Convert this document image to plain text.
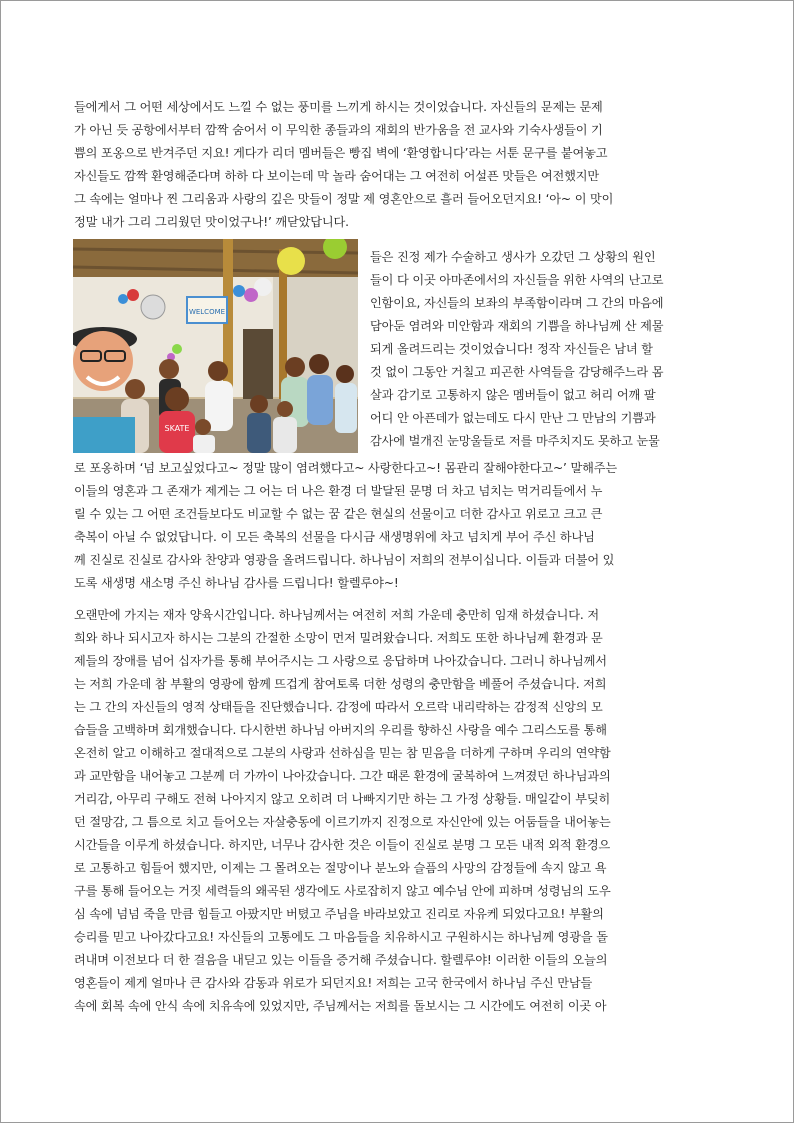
들에게서 그 어떤 세상에서도 느낄 수 없는 풍미를 느끼게 하시는 것이었습니다. 자신들의 문제는 문제
가 아닌 듯 공항에서부터 깜짝 숨어서 이 무익한 종들과의 재회의 반가움을 전 교사와 기숙사생들이 기
쁨의 포옹으로 반겨주던 지요! 게다가 리더 멤버들은 빵집 벽에 ‘환영합니다’라는 서툰 문구를 붙여놓고
자신들도 깜짝 환영해준다며 하하 다 보이는데 막 놀라 숨어대는 그 여전히 어설픈 맛들은 여전했지만
그 속에는 얼마나 찐 그리움과 사랑의 깊은 맛들이 정말 제 영혼안으로 흘러 들어오던지요! ‘아~ 이 맛이
정말 내가 그리 그리웠던 맛이었구나!’ 깨닫았답니다.
WELCOME
SKATE
들은 진정 제가 수술하고 생사가 오갔던 그 상황의 원인
들이 다 이곳 아마존에서의 자신들을 위한 사역의 난고로
인함이요, 자신들의 보좌의 부족함이라며 그 간의 마음에
담아둔 염려와 미안함과 재회의 기쁨을 하나님께 산 제물
되게 올려드리는 것이었습니다! 정작 자신들은 남녀 할
것 없이 그동안 거칠고 피곤한 사역들을 감당해주느라 몸
살과 감기로 고통하지 않은 멤버들이 없고 허리 어깨 팔
어디 안 아픈데가 없는데도 다시 만난 그 만남의 기쁨과
감사에 벌개진 눈망울들로 저를 마주치지도 못하고 눈물
로 포옹하며 ‘넘 보고싶었다고~ 정말 많이 염려했다고~ 사랑한다고~! 몸관리 잘해야한다고~’ 말해주는
이들의 영혼과 그 존재가 제게는 그 어는 더 나은 환경 더 발달된 문명 더 차고 넘치는 먹거리들에서 누
릴 수 있는 그 어떤 조건들보다도 비교할 수 없는 꿈 같은 현실의 선물이고 더한 감사고 위로고 크고 큰
축복이 아닐 수 없었답니다. 이 모든 축복의 선물을 다시금 새생명위에 차고 넘치게 부어 주신 하나님
께 진실로 진실로 감사와 찬양과 영광을 올려드립니다. 하나님이 저희의 전부이십니다. 이들과 더불어 있
도록 새생명 새소명 주신 하나님 감사를 드립니다! 할렐루야~!
오랜만에 가지는 재자 양육시간입니다. 하나님께서는 여전히 저희 가운데 충만히 임재 하셨습니다. 저
희와 하나 되시고자 하시는 그분의 간절한 소망이 먼저 밀려왔습니다. 저희도 또한 하나님께 환경과 문
제들의 장애를 넘어 십자가를 통해 부어주시는 그 사랑으로 응답하며 나아갔습니다. 그러니 하나님께서
는 저희 가운데 참 부활의 영광에 함께 뜨겁게 참여토록 더한 성령의 충만함을 베풀어 주셨습니다. 저희
는 그 간의 자신들의 영적 상태들을 진단했습니다. 감정에 따라서 오르락 내리락하는 감정적 신앙의 모
습들을 고백하며 회개했습니다. 다시한번 하나님 아버지의 우리를 향하신 사랑을 예수 그리스도를 통해
온전히 알고 이해하고 절대적으로 그분의 사랑과 선하심을 믿는 참 믿음을 더하게 구하며 우리의 연약함
과 교만함을 내어놓고 그분께 더 가까이 나아갔습니다. 그간 때론 환경에 굴복하여 느껴졌던 하나님과의
거리감, 아무리 구해도 전혀 나아지지 않고 오히려 더 나빠지기만 하는 그 가정 상황들. 매일같이 부딪히
던 절망감, 그 틈으로 치고 들어오는 자살충동에 이르기까지 진정으로 자신안에 있는 어둠들을 내어놓는
시간들을 이루게 하셨습니다. 하지만, 너무나 감사한 것은 이들이 진실로 분명 그 모든 내적 외적 환경으
로 고통하고 힘들어 했지만, 이제는 그 몰려오는 절망이나 분노와 슬픔의 사망의 감정들에 속지 않고 욕
구를 통해 들어오는 거짓 세력들의 왜곡된 생각에도 사로잡히지 않고 예수님 안에 피하며 성령님의 도우
심 속에 넘넘 죽을 만큼 힘들고 아팠지만 버텼고 주님을 바라보았고 진리로 자유케 되었다고요! 부활의
승리를 믿고 나아갔다고요! 자신들의 고통에도 그 마음들을 치유하시고 구원하시는 하나님께 영광을 돌
려내며 이전보다 더 한 걸음을 내딛고 있는 이들을 증거해 주셨습니다. 할렐루야! 이러한 이들의 오늘의
영혼들이 제게 얼마나 큰 감사와 감동과 위로가 되던지요! 저희는 고국 한국에서 하나님 주신 만남들
속에 회복 속에 안식 속에 치유속에 있었지만, 주님께서는 저희를 돌보시는 그 시간에도 여전히 이곳 아
